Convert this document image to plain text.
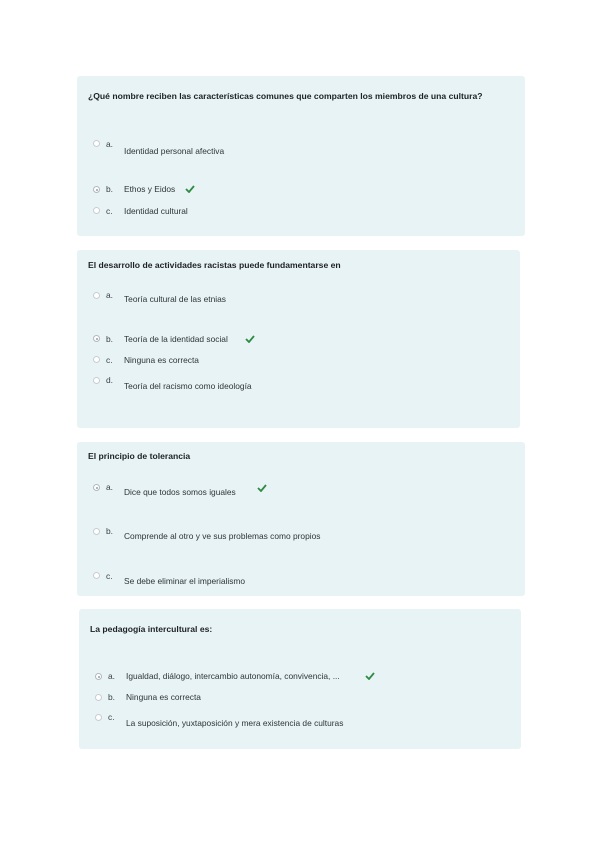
¿Qué nombre reciben las características comunes que comparten los miembros de una cultura?
a.
Identidad personal afectiva
b. Ethos y Eidos
c. Identidad cultural
El desarrollo de actividades racistas puede fundamentarse en
a. Teoría cultural de las etnias
b. Teoría de la identidad social
c. Ninguna es correcta
d.
Teoría del racismo como ideología
El principio de tolerancia
a. Dice que todos somos iguales
b. Comprende al otro y ve sus problemas como propios
c. Se debe eliminar el imperialismo
La pedagogía intercultural es:
a. Igualdad, diálogo, intercambio autonomía, convivencia, ...
b. Ninguna es correcta
c.
La suposición, yuxtaposición y mera existencia de culturas
